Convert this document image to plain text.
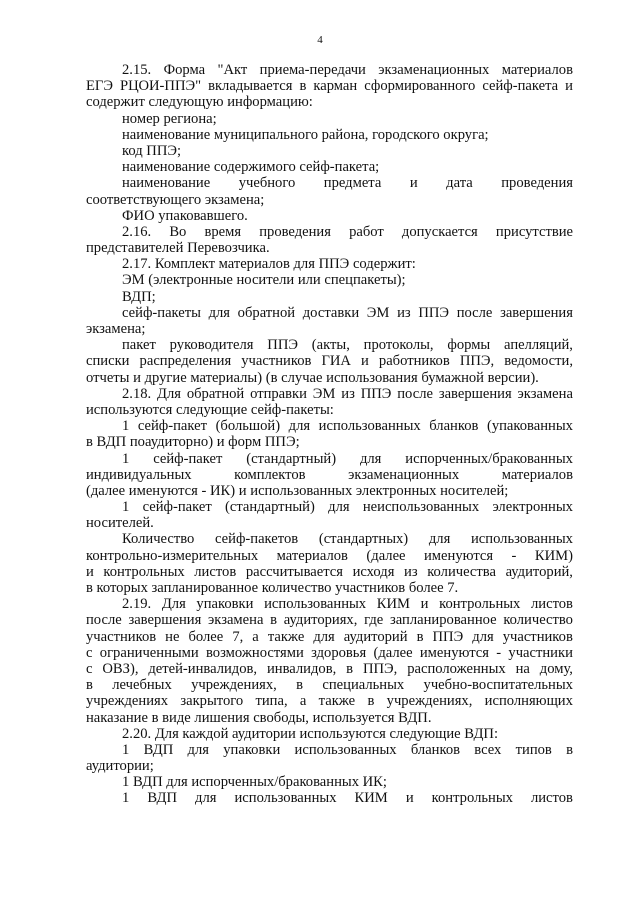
4
2.15. Форма "Акт приема-передачи экзаменационных материалов
ЕГЭ РЦОИ-ППЭ" вкладывается в карман сформированного сейф-пакета и
содержит следующую информацию:
номер региона;
наименование муниципального района, городского округа;
код ППЭ;
наименование содержимого сейф-пакета;
наименование учебного предмета и дата проведения
соответствующего экзамена;
ФИО упаковавшего.
2.16. Во время проведения работ допускается присутствие
представителей Перевозчика.
2.17. Комплект материалов для ППЭ содержит:
ЭМ (электронные носители или спецпакеты);
ВДП;
сейф-пакеты для обратной доставки ЭМ из ППЭ после завершения
экзамена;
пакет руководителя ППЭ (акты, протоколы, формы апелляций,
списки распределения участников ГИА и работников ППЭ, ведомости,
отчеты и другие материалы) (в случае использования бумажной версии).
2.18. Для обратной отправки ЭМ из ППЭ после завершения экзамена
используются следующие сейф-пакеты:
1 сейф-пакет (большой) для использованных бланков (упакованных
в ВДП поаудиторно) и форм ППЭ;
1 сейф-пакет (стандартный) для испорченных/бракованных
индивидуальных	комплектов	экзаменационных	материалов
(далее именуются - ИК) и использованных электронных носителей;
1 сейф-пакет (стандартный) для неиспользованных электронных
носителей.
Количество сейф-пакетов (стандартных) для использованных
контрольно-измерительных материалов (далее именуются - КИМ)
и контрольных листов рассчитывается исходя из количества аудиторий,
в которых запланированное количество участников более 7.
2.19. Для упаковки использованных КИМ и контрольных листов
после завершения экзамена в аудиториях, где запланированное количество
участников не более 7, а также для аудиторий в ППЭ для участников
с ограниченными возможностями здоровья (далее именуются - участники
с ОВЗ), детей-инвалидов, инвалидов, в ППЭ, расположенных на дому,
в лечебных учреждениях, в специальных учебно-воспитательных
учреждениях закрытого типа, а также в учреждениях, исполняющих
наказание в виде лишения свободы, используется ВДП.
2.20. Для каждой аудитории используются следующие ВДП:
1 ВДП для упаковки использованных бланков всех типов в
аудитории;
1 ВДП для испорченных/бракованных ИК;
1 ВДП для использованных КИМ и контрольных листов
